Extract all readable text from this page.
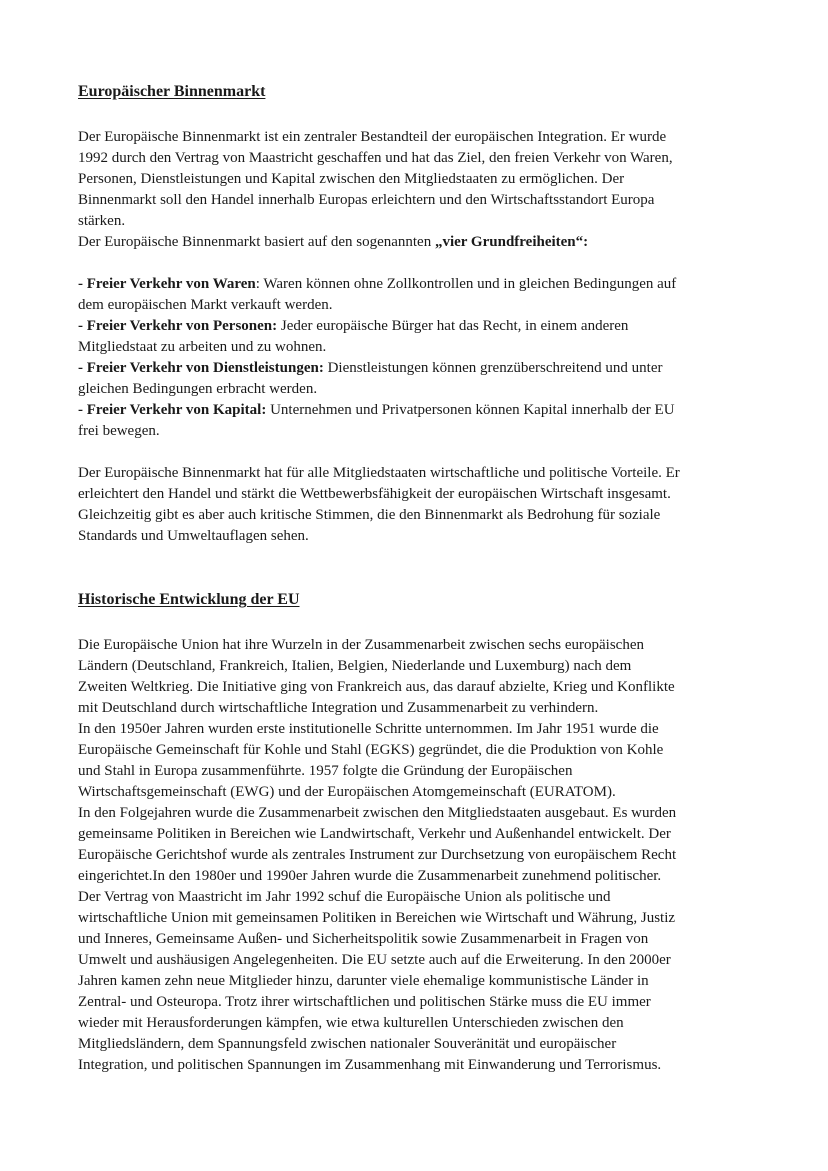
Europäischer Binnenmarkt
Der Europäische Binnenmarkt ist ein zentraler Bestandteil der europäischen Integration. Er wurde
1992 durch den Vertrag von Maastricht geschaffen und hat das Ziel, den freien Verkehr von Waren,
Personen, Dienstleistungen und Kapital zwischen den Mitgliedstaaten zu ermöglichen. Der
Binnenmarkt soll den Handel innerhalb Europas erleichtern und den Wirtschaftsstandort Europa
stärken.
Der Europäische Binnenmarkt basiert auf den sogenannten „vier Grundfreiheiten“:
- Freier Verkehr von Waren: Waren können ohne Zollkontrollen und in gleichen Bedingungen auf
dem europäischen Markt verkauft werden.
- Freier Verkehr von Personen: Jeder europäische Bürger hat das Recht, in einem anderen
Mitgliedstaat zu arbeiten und zu wohnen.
- Freier Verkehr von Dienstleistungen: Dienstleistungen können grenzüberschreitend und unter
gleichen Bedingungen erbracht werden.
- Freier Verkehr von Kapital: Unternehmen und Privatpersonen können Kapital innerhalb der EU
frei bewegen.
Der Europäische Binnenmarkt hat für alle Mitgliedstaaten wirtschaftliche und politische Vorteile. Er
erleichtert den Handel und stärkt die Wettbewerbsfähigkeit der europäischen Wirtschaft insgesamt.
Gleichzeitig gibt es aber auch kritische Stimmen, die den Binnenmarkt als Bedrohung für soziale
Standards und Umweltauflagen sehen.
Historische Entwicklung der EU
Die Europäische Union hat ihre Wurzeln in der Zusammenarbeit zwischen sechs europäischen
Ländern (Deutschland, Frankreich, Italien, Belgien, Niederlande und Luxemburg) nach dem
Zweiten Weltkrieg. Die Initiative ging von Frankreich aus, das darauf abzielte, Krieg und Konflikte
mit Deutschland durch wirtschaftliche Integration und Zusammenarbeit zu verhindern.
In den 1950er Jahren wurden erste institutionelle Schritte unternommen. Im Jahr 1951 wurde die
Europäische Gemeinschaft für Kohle und Stahl (EGKS) gegründet, die die Produktion von Kohle
und Stahl in Europa zusammenführte. 1957 folgte die Gründung der Europäischen
Wirtschaftsgemeinschaft (EWG) und der Europäischen Atomgemeinschaft (EURATOM).
In den Folgejahren wurde die Zusammenarbeit zwischen den Mitgliedstaaten ausgebaut. Es wurden
gemeinsame Politiken in Bereichen wie Landwirtschaft, Verkehr und Außenhandel entwickelt. Der
Europäische Gerichtshof wurde als zentrales Instrument zur Durchsetzung von europäischem Recht
eingerichtet.In den 1980er und 1990er Jahren wurde die Zusammenarbeit zunehmend politischer.
Der Vertrag von Maastricht im Jahr 1992 schuf die Europäische Union als politische und
wirtschaftliche Union mit gemeinsamen Politiken in Bereichen wie Wirtschaft und Währung, Justiz
und Inneres, Gemeinsame Außen- und Sicherheitspolitik sowie Zusammenarbeit in Fragen von
Umwelt und aushäusigen Angelegenheiten. Die EU setzte auch auf die Erweiterung. In den 2000er
Jahren kamen zehn neue Mitglieder hinzu, darunter viele ehemalige kommunistische Länder in
Zentral- und Osteuropa. Trotz ihrer wirtschaftlichen und politischen Stärke muss die EU immer
wieder mit Herausforderungen kämpfen, wie etwa kulturellen Unterschieden zwischen den
Mitgliedsländern, dem Spannungsfeld zwischen nationaler Souveränität und europäischer
Integration, und politischen Spannungen im Zusammenhang mit Einwanderung und Terrorismus.
